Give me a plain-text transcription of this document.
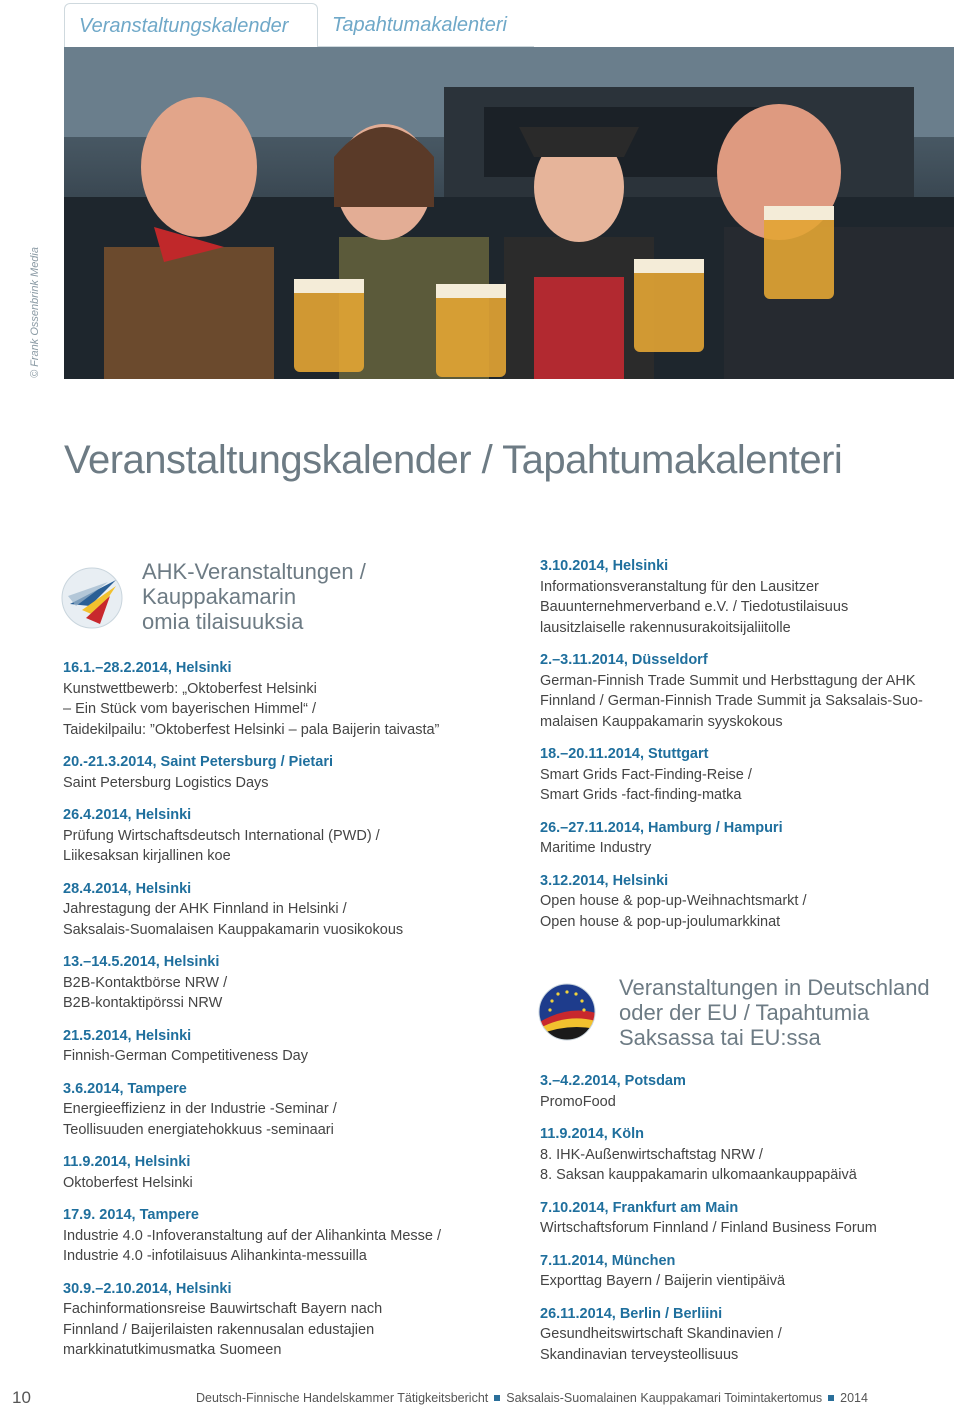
Veranstaltungskalender	Tapahtumakalenteri
© Frank Ossenbrink Media
Veranstaltungskalender / Tapahtumakalenteri
AHK-Veranstaltungen /
Kauppakamarin
omia tilaisuuksia
16.1.–28.2.2014, Helsinki
Kunstwettbewerb: „Oktoberfest Helsinki
– Ein Stück vom bayerischen Himmel“ /
Taidekilpailu: ”Oktoberfest Helsinki – pala Baijerin taivasta”
20.-21.3.2014, Saint Petersburg / Pietari
Saint Petersburg Logistics Days
26.4.2014, Helsinki
Prüfung Wirtschaftsdeutsch International (PWD) /
Liikesaksan kirjallinen koe
28.4.2014, Helsinki
Jahrestagung der AHK Finnland in Helsinki /
Saksalais-Suomalaisen Kauppakamarin vuosikokous
13.–14.5.2014, Helsinki
B2B-Kontaktbörse NRW /
B2B-kontaktipörssi NRW
21.5.2014, Helsinki
Finnish-German Competitiveness Day
3.6.2014, Tampere
Energieeffizienz in der Industrie -Seminar /
Teollisuuden energiatehokkuus -seminaari
11.9.2014, Helsinki
Oktoberfest Helsinki
17.9. 2014, Tampere
Industrie 4.0 -Infoveranstaltung auf der Alihankinta Messe /
Industrie 4.0 -infotilaisuus Alihankinta-messuilla
30.9.–2.10.2014, Helsinki
Fachinformationsreise Bauwirtschaft Bayern nach
Finnland / Baijerilaisten rakennusalan edustajien
markkinatutkimusmatka Suomeen
3.10.2014, Helsinki
Informationsveranstaltung für den Lausitzer
Bauunternehmerverband e.V. / Tiedotustilaisuus
lausitzlaiselle rakennusurakoitsijaliitolle
2.–3.11.2014, Düsseldorf
German-Finnish Trade Summit und Herbsttagung der AHK
Finnland / German-Finnish Trade Summit ja Saksalais-Suo-
malaisen Kauppakamarin syyskokous
18.–20.11.2014, Stuttgart
Smart Grids Fact-Finding-Reise /
Smart Grids -fact-finding-matka
26.–27.11.2014, Hamburg / Hampuri
Maritime Industry
3.12.2014, Helsinki
Open house & pop-up-Weihnachtsmarkt /
Open house & pop-up-joulumarkkinat
Veranstaltungen in Deutschland
oder der EU / Tapahtumia
Saksassa tai EU:ssa
3.–4.2.2014, Potsdam
PromoFood
11.9.2014, Köln
8. IHK-Außenwirtschaftstag NRW /
8. Saksan kauppakamarin ulkomaankauppapäivä
7.10.2014, Frankfurt am Main
Wirtschaftsforum Finnland / Finland Business Forum
7.11.2014, München
Exporttag Bayern / Baijerin vientipäivä
26.11.2014, Berlin / Berliini
Gesundheitswirtschaft Skandinavien /
Skandinavian terveysteollisuus
10	Deutsch-Finnische Handelskammer Tätigkeitsbericht Saksalais-Suomalainen Kauppakamari Toimintakertomus 2014
